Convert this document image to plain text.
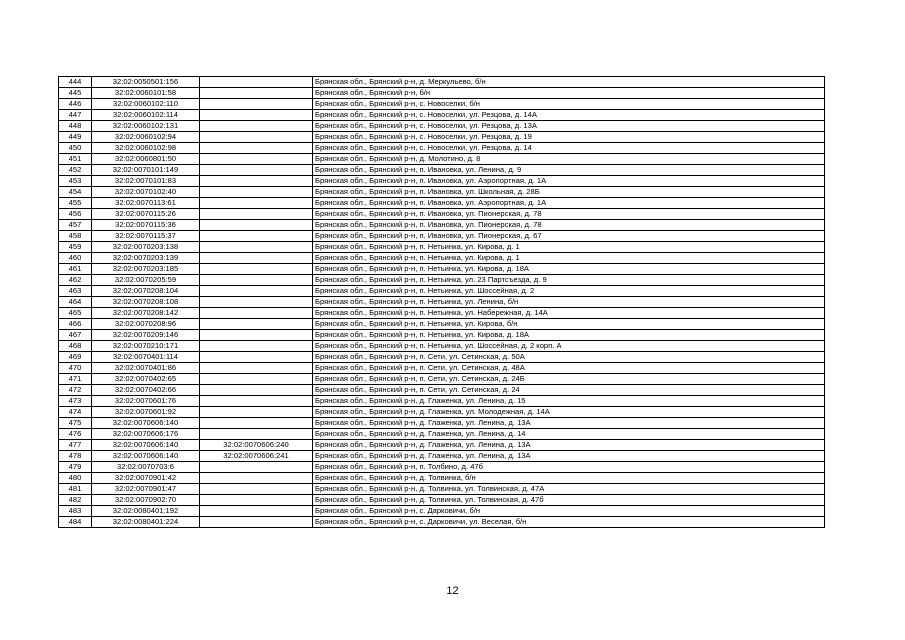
444	32:02:0050501:156		Брянская обл., Брянский р-н, д. Меркульево, б/н
445	32:02:0060101:58		Брянская обл., Брянский р-н, б/н
446	32:02:0060102:110		Брянская обл., Брянский р-н, с. Новоселки, б/н
447	32:02:0060102:114		Брянская обл., Брянский р-н, с. Новоселки, ул. Резцова, д. 14А
448	32:02:0060102:131		Брянская обл., Брянский р-н, с. Новоселки, ул. Резцова, д. 13А
449	32:02:0060102:94		Брянская обл., Брянский р-н, с. Новоселки, ул. Резцова, д. 19
450	32:02:0060102:98		Брянская обл., Брянский р-н, с. Новоселки, ул. Резцова, д. 14
451	32:02:0060801:50		Брянская обл., Брянский р-н, д. Молотино, д. 8
452	32:02:0070101:149		Брянская обл., Брянский р-н, п. Ивановка, ул. Ленина, д. 9
453	32:02:0070101:83		Брянская обл., Брянский р-н, п. Ивановка, ул. Аэропортная, д. 1А
454	32:02:0070102:40		Брянская обл., Брянский р-н, п. Ивановка, ул. Школьная, д. 28Б
455	32:02:0070113:61		Брянская обл., Брянский р-н, п. Ивановка, ул. Аэропортная, д. 1А
456	32:02:0070115:26		Брянская обл., Брянский р-н, п. Ивановка, ул. Пионерская, д. 78
457	32:02:0070115:36		Брянская обл., Брянский р-н, п. Ивановка, ул. Пионерская, д. 78
458	32:02:0070115:37		Брянская обл., Брянский р-н, п. Ивановка, ул. Пионерская, д. 67
459	32:02:0070203:138		Брянская обл., Брянский р-н, п. Нетьинка, ул. Кирова, д. 1
460	32:02:0070203:139		Брянская обл., Брянский р-н, п. Нетьинка, ул. Кирова, д. 1
461	32:02:0070203:185		Брянская обл., Брянский р-н, п. Нетьинка, ул. Кирова, д. 18А
462	32:02:0070205:59		Брянская обл., Брянский р-н, п. Нетьинка, ул. 23 Партсъезда, д. 9
463	32:02:0070208:104		Брянская обл., Брянский р-н, п. Нетьинка, ул. Шоссейная, д. 2
464	32:02:0070208:108		Брянская обл., Брянский р-н, п. Нетьинка, ул. Ленина, б/н
465	32:02:0070208:142		Брянская обл., Брянский р-н, п. Нетьинка, ул. Набережная, д. 14А
466	32:02:0070208:96		Брянская обл., Брянский р-н, п. Нетьинка, ул. Кирова, б/н
467	32:02:0070209:146		Брянская обл., Брянский р-н, п. Нетьинка, ул. Кирова, д. 18А
468	32:02:0070210:171		Брянская обл., Брянский р-н, п. Нетьинка, ул. Шоссейная, д. 2 корп. А
469	32:02:0070401:114		Брянская обл., Брянский р-н, п. Сети, ул. Сетинская, д. 50А
470	32:02:0070401:86		Брянская обл., Брянский р-н, п. Сети, ул. Сетинская, д. 48А
471	32:02:0070402:65		Брянская обл., Брянский р-н, п. Сети, ул. Сетинская, д. 24Б
472	32:02:0070402:66		Брянская обл., Брянский р-н, п. Сети, ул. Сетинская, д. 24
473	32:02:0070601:76		Брянская обл., Брянский р-н, д. Глаженка, ул. Ленина, д. 15
474	32:02:0070601:92		Брянская обл., Брянский р-н, д. Глаженка, ул. Молодежная, д. 14А
475	32:02:0070606:140		Брянская обл., Брянский р-н, д. Глаженка, ул. Ленина, д. 13А
476	32:02:0070606:176		Брянская обл., Брянский р-н, д. Глаженка, ул. Ленина, д. 14
477	32:02:0070606:140	32:02:0070606:240	Брянская обл., Брянский р-н, д. Глаженка, ул. Ленина, д. 13А
478	32:02:0070606:140	32:02:0070606:241	Брянская обл., Брянский р-н, д. Глаженка, ул. Ленина, д. 13А
479	32:02:0070703:6		Брянская обл., Брянский р-н, п. Толбино, д. 47б
480	32:02:0070901:42		Брянская обл., Брянский р-н, д. Толвинка, б/н
481	32:02:0070901:47		Брянская обл., Брянский р-н, д. Толвинка, ул. Толвинская, д. 47А
482	32:02:0070902:70		Брянская обл., Брянский р-н, д. Толвинка, ул. Толвинская, д. 47б
483	32:02:0080401:192		Брянская обл., Брянский р-н, с. Дарковичи, б/н
484	32:02:0080401:224		Брянская обл., Брянский р-н, с. Дарковичи, ул. Веселая, б/н
12
